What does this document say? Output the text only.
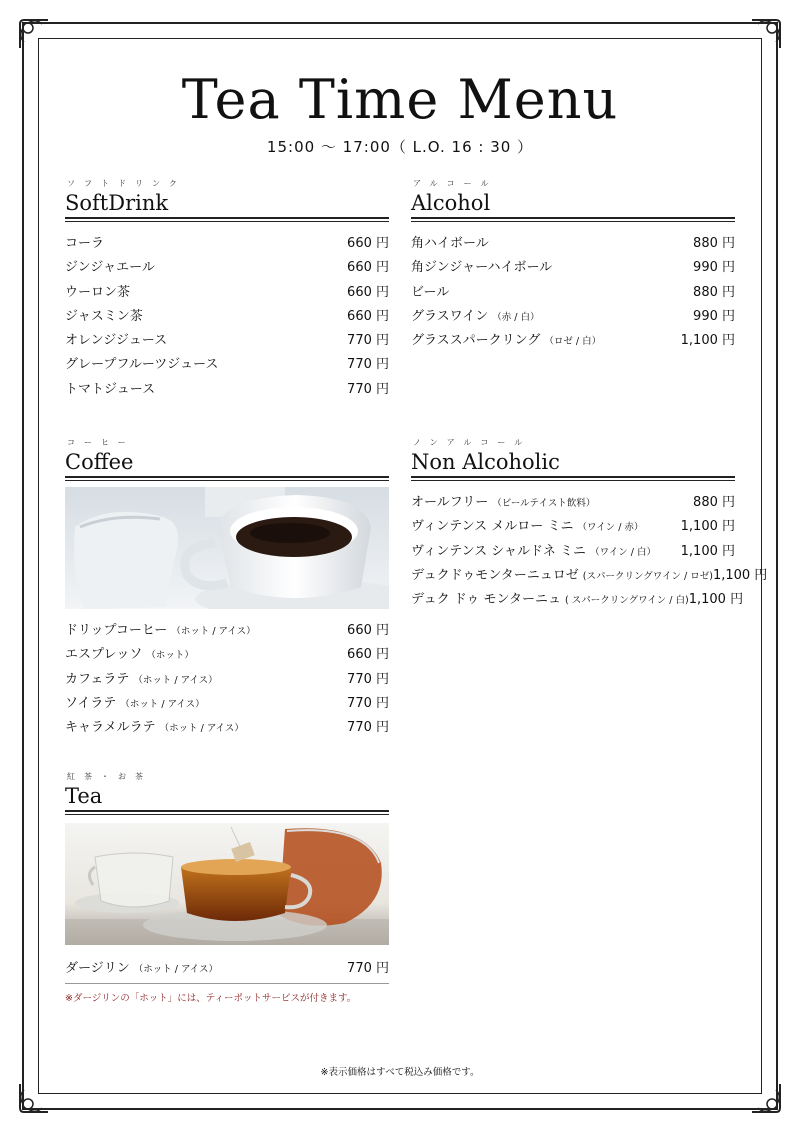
Tea Time Menu
15:00 ～ 17:00（ L.O. 16 : 30 ）
ソフトドリンク
SoftDrink
コーラ	660 円
ジンジャエール	660 円
ウーロン茶	660 円
ジャスミン茶	660 円
オレンジジュース	770 円
グレープフルーツジュース	770 円
トマトジュース	770 円
アルコール
Alcohol
角ハイボール	880 円
角ジンジャーハイボール	990 円
ビール	880 円
グラスワイン （赤 / 白）	990 円
グラススパークリング （ロゼ / 白）	1,100 円
コーヒー
Coffee
ドリップコーヒー （ホット / アイス）	660 円
エスプレッソ （ホット）	660 円
カフェラテ （ホット / アイス）	770 円
ソイラテ （ホット / アイス）	770 円
キャラメルラテ （ホット / アイス）	770 円
ノンアルコール
Non Alcoholic
オールフリー （ビールテイスト飲料）	880 円
ヴィンテンス メルロー ミニ （ワイン / 赤）	1,100 円
ヴィンテンス シャルドネ ミニ （ワイン / 白） 1,100 円
デュクドゥモンターニュロゼ (スパークリングワイン / ロゼ) 1,100 円
デュク ドゥ モンターニュ ( スパークリングワイン / 白) 1,100 円
紅茶・お茶
Tea
ダージリン （ホット / アイス）	770 円
※ダージリンの「ホット」には、ティーポットサービスが付きます。
※表示価格はすべて税込み価格です。
